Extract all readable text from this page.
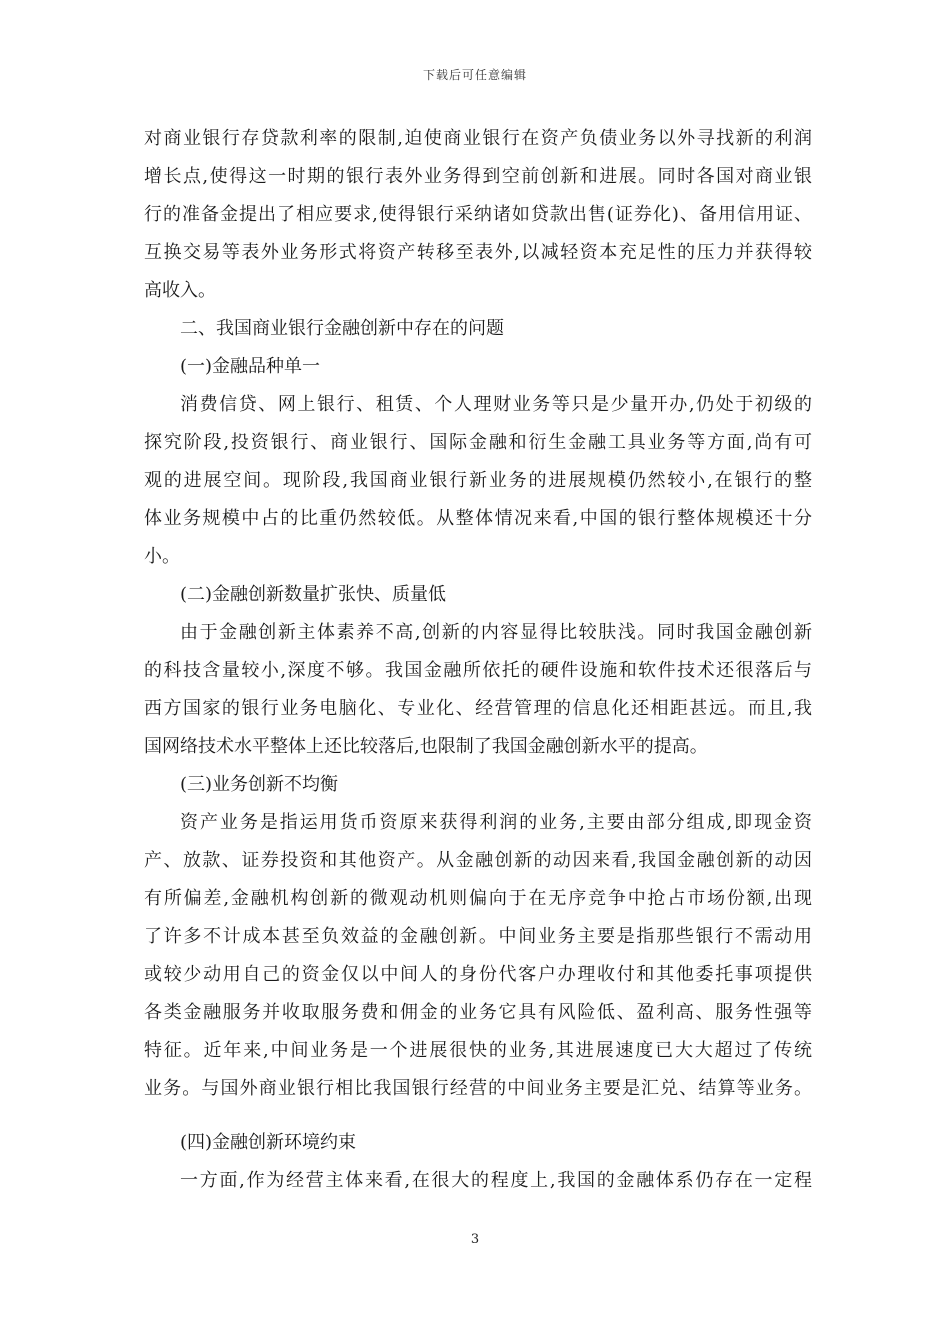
下载后可任意编辑
对商业银行存贷款利率的限制,迫使商业银行在资产负债业务以外寻找新的利润
增长点,使得这一时期的银行表外业务得到空前创新和进展。同时各国对商业银
行的准备金提出了相应要求,使得银行采纳诸如贷款出售(证券化)、备用信用证、
互换交易等表外业务形式将资产转移至表外,以减轻资本充足性的压力并获得较
高收入。
二、我国商业银行金融创新中存在的问题
(一)金融品种单一
消费信贷、网上银行、租赁、个人理财业务等只是少量开办,仍处于初级的
探究阶段,投资银行、商业银行、国际金融和衍生金融工具业务等方面,尚有可
观的进展空间。现阶段,我国商业银行新业务的进展规模仍然较小,在银行的整
体业务规模中占的比重仍然较低。从整体情况来看,中国的银行整体规模还十分
小。
(二)金融创新数量扩张快、质量低
由于金融创新主体素养不高,创新的内容显得比较肤浅。同时我国金融创新
的科技含量较小,深度不够。我国金融所依托的硬件设施和软件技术还很落后与
西方国家的银行业务电脑化、专业化、经营管理的信息化还相距甚远。而且,我
国网络技术水平整体上还比较落后,也限制了我国金融创新水平的提高。
(三)业务创新不均衡
资产业务是指运用货币资原来获得利润的业务,主要由部分组成,即现金资
产、放款、证券投资和其他资产。从金融创新的动因来看,我国金融创新的动因
有所偏差,金融机构创新的微观动机则偏向于在无序竞争中抢占市场份额,出现
了许多不计成本甚至负效益的金融创新。中间业务主要是指那些银行不需动用
或较少动用自己的资金仅以中间人的身份代客户办理收付和其他委托事项提供
各类金融服务并收取服务费和佣金的业务它具有风险低、盈利高、服务性强等
特征。近年来,中间业务是一个进展很快的业务,其进展速度已大大超过了传统
业务。与国外商业银行相比我国银行经营的中间业务主要是汇兑、结算等业务。
(四)金融创新环境约束
一方面,作为经营主体来看,在很大的程度上,我国的金融体系仍存在一定程
3
